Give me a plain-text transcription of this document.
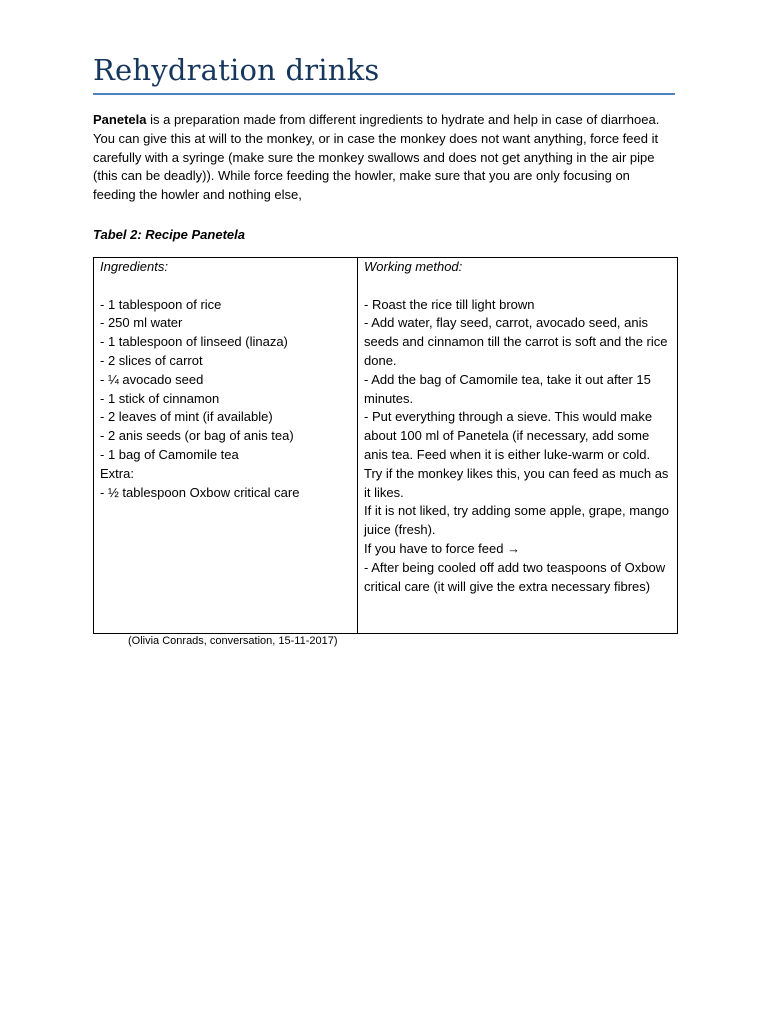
Rehydration drinks

Panetela is a preparation made from different ingredients to hydrate and help in case of diarrhoea. You can give this at will to the monkey, or in case the monkey does not want anything, force feed it carefully with a syringe (make sure the monkey swallows and does not get anything in the air pipe (this can be deadly)). While force feeding the howler, make sure that you are only focusing on feeding the howler and nothing else,

Tabel 2: Recipe Panetela

Ingredients:

- 1 tablespoon of rice

- 250 ml water

- 1 tablespoon of linseed (linaza)

- 2 slices of carrot

- ¼ avocado seed

- 1 stick of cinnamon

- 2 leaves of mint (if available)

- 2 anis seeds (or bag of anis tea)

- 1 bag of Camomile tea

Extra:

- ½ tablespoon Oxbow critical care

Working method:

- Roast the rice till light brown

- Add water, flay seed, carrot, avocado seed, anis seeds and cinnamon till the carrot is soft and the rice done.

- Add the bag of Camomile tea, take it out after 15 minutes.

- Put everything through a sieve. This would make about 100 ml of Panetela (if necessary, add some anis tea. Feed when it is either luke-warm or cold. Try if the monkey likes this, you can feed as much as it likes.

If it is not liked, try adding some apple, grape, mango juice (fresh).

If you have to force feed →

- After being cooled off add two teaspoons of Oxbow critical care (it will give the extra necessary fibres)

(Olivia Conrads, conversation, 15-11-2017)
